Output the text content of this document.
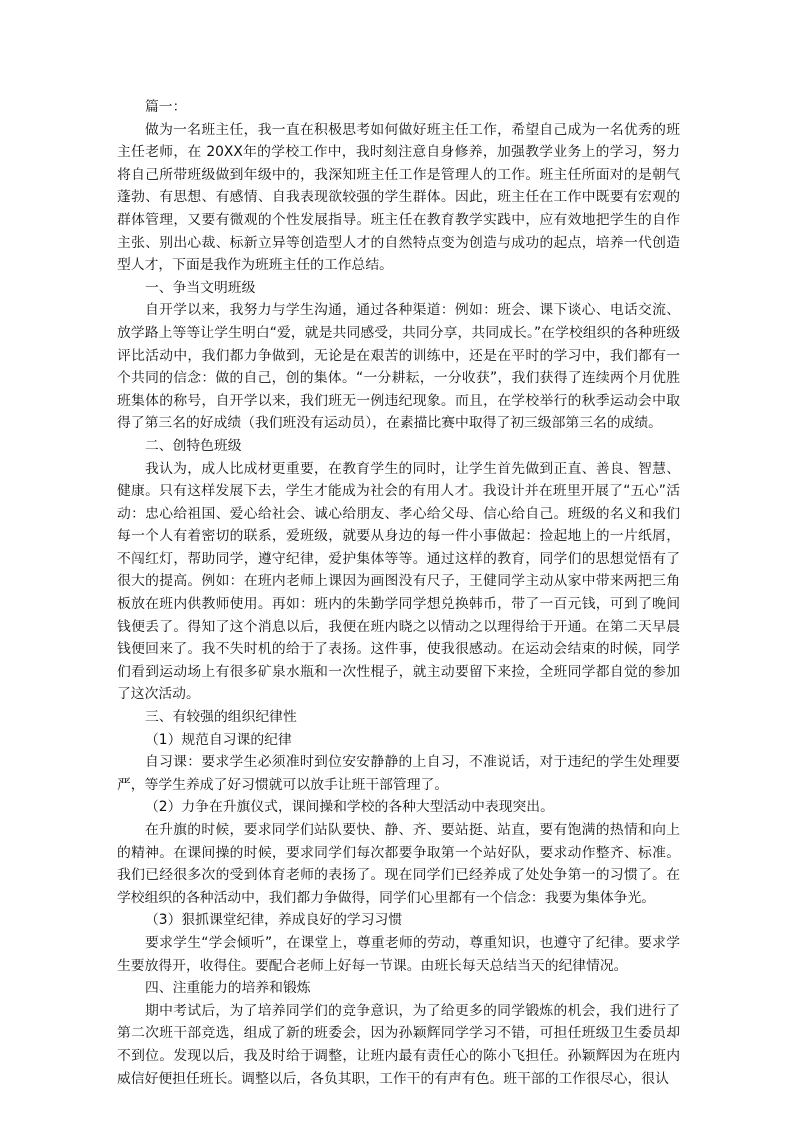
篇一：

做为一名班主任，我一直在积极思考如何做好班主任工作，希望自己成为一名优秀的班主任老师，在 20XX年的学校工作中，我时刻注意自身修养，加强教学业务上的学习，努力将自己所带班级做到年级中的，我深知班主任工作是管理人的工作。班主任所面对的是朝气蓬勃、有思想、有感情、自我表现欲较强的学生群体。因此，班主任在工作中既要有宏观的群体管理，又要有微观的个性发展指导。班主任在教育教学实践中，应有效地把学生的自作主张、别出心裁、标新立异等创造型人才的自然特点变为创造与成功的起点，培养一代创造型人才，下面是我作为班班主任的工作总结。

一、争当文明班级

自开学以来，我努力与学生沟通，通过各种渠道：例如：班会、课下谈心、电话交流、放学路上等等让学生明白“爱，就是共同感受，共同分享，共同成长。”在学校组织的各种班级评比活动中，我们都力争做到，无论是在艰苦的训练中，还是在平时的学习中，我们都有一个共同的信念：做的自己，创的集体。“一分耕耘，一分收获”，我们获得了连续两个月优胜班集体的称号，自开学以来，我们班无一例违纪现象。而且，在学校举行的秋季运动会中取得了第三名的好成绩（我们班没有运动员），在素描比赛中取得了初三级部第三名的成绩。

二、创特色班级

我认为，成人比成材更重要，在教育学生的同时，让学生首先做到正直、善良、智慧、健康。只有这样发展下去，学生才能成为社会的有用人才。我设计并在班里开展了“五心”活动：忠心给祖国、爱心给社会、诚心给朋友、孝心给父母、信心给自己。班级的名义和我们每一个人有着密切的联系，爱班级，就要从身边的每一件小事做起：捡起地上的一片纸屑，不闯红灯，帮助同学，遵守纪律，爱护集体等等。通过这样的教育，同学们的思想觉悟有了很大的提高。例如：在班内老师上课因为画图没有尺子，王健同学主动从家中带来两把三角板放在班内供教师使用。再如：班内的朱勤学同学想兑换韩币，带了一百元钱，可到了晚间钱便丢了。得知了这个消息以后，我便在班内晓之以情动之以理得给于开通。在第二天早晨钱便回来了。我不失时机的给于了表扬。这件事，使我很感动。在运动会结束的时候，同学们看到运动场上有很多矿泉水瓶和一次性棍子，就主动要留下来捡，全班同学都自觉的参加了这次活动。

三、有较强的组织纪律性

（1）规范自习课的纪律

自习课：要求学生必须准时到位安安静静的上自习，不准说话，对于违纪的学生处理要严，等学生养成了好习惯就可以放手让班干部管理了。

（2）力争在升旗仪式，课间操和学校的各种大型活动中表现突出。

在升旗的时候，要求同学们站队要快、静、齐、要站挺、站直，要有饱满的热情和向上的精神。在课间操的时候，要求同学们每次都要争取第一个站好队，要求动作整齐、标准。我们已经很多次的受到体育老师的表扬了。现在同学们已经养成了处处争第一的习惯了。在学校组织的各种活动中，我们都力争做得，同学们心里都有一个信念：我要为集体争光。

（3）狠抓课堂纪律，养成良好的学习习惯

要求学生“学会倾听”，在课堂上，尊重老师的劳动，尊重知识，也遵守了纪律。要求学生要放得开，收得住。要配合老师上好每一节课。由班长每天总结当天的纪律情况。

四、注重能力的培养和锻炼

期中考试后，为了培养同学们的竞争意识，为了给更多的同学锻炼的机会，我们进行了第二次班干部竞选，组成了新的班委会，因为孙颖辉同学学习不错，可担任班级卫生委员却不到位。发现以后，我及时给于调整，让班内最有责任心的陈小飞担任。孙颖辉因为在班内威信好便担任班长。调整以后，各负其职，工作干的有声有色。班干部的工作很尽心，很认
